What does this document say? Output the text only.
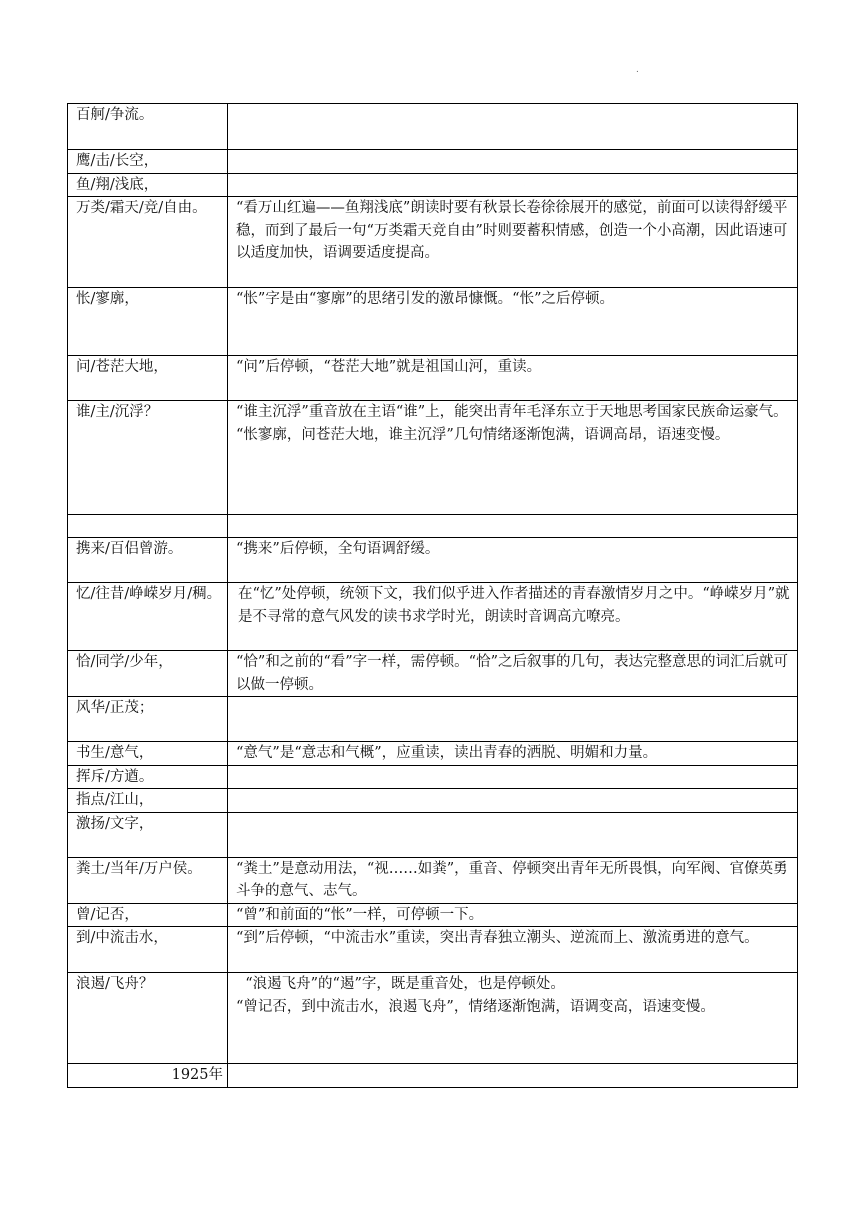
.
百舸/争流。	
鹰/击/长空，	
鱼/翔/浅底，	
万类/霜天/竞/自由。	“看万山红遍——鱼翔浅底”朗读时要有秋景长卷徐徐展开的感觉，前面可以读得舒缓平稳，而到了最后一句“万类霜天竞自由”时则要蓄积情感，创造一个小高潮，因此语速可以适度加快，语调要适度提高。

怅/寥廓，	“怅”字是由“寥廓”的思绪引发的激昂慷慨。“怅”之后停顿。

问/苍茫大地，	“问”后停顿，“苍茫大地”就是祖国山河，重读。

谁/主/沉浮？	“谁主沉浮”重音放在主语“谁”上，能突出青年毛泽东立于天地思考国家民族命运豪气。

“怅寥廓，问苍茫大地，谁主沉浮”几句情绪逐渐饱满，语调高昂，语速变慢。

携来/百侣曾游。	“携来”后停顿，全句语调舒缓。

忆/往昔/峥嵘岁月/稠。	在“忆”处停顿，统领下文，我们似乎进入作者描述的青春激情岁月之中。“峥嵘岁月”就是不寻常的意气风发的读书求学时光，朗读时音调高亢嘹亮。

恰/同学/少年，	“恰”和之前的“看”字一样，需停顿。“恰”之后叙事的几句，表达完整意思的词汇后就可以做一停顿。

风华/正茂；	
书生/意气，	“意气”是“意志和气概”，应重读，读出青春的洒脱、明媚和力量。

挥斥/方遒。	
指点/江山，	
激扬/文字，	
粪土/当年/万户侯。	“粪土”是意动用法，“视……如粪”，重音、停顿突出青年无所畏惧，向军阀、官僚英勇斗争的意气、志气。

曾/记否，	“曾”和前面的“怅”一样，可停顿一下。

到/中流击水，	“到”后停顿，“中流击水”重读，突出青春独立潮头、逆流而上、激流勇进的意气。

浪遏/飞舟？	“浪遏飞舟”的“遏”字，既是重音处，也是停顿处。

“曾记否，到中流击水，浪遏飞舟”，情绪逐渐饱满，语调变高，语速变慢。

1925年	
